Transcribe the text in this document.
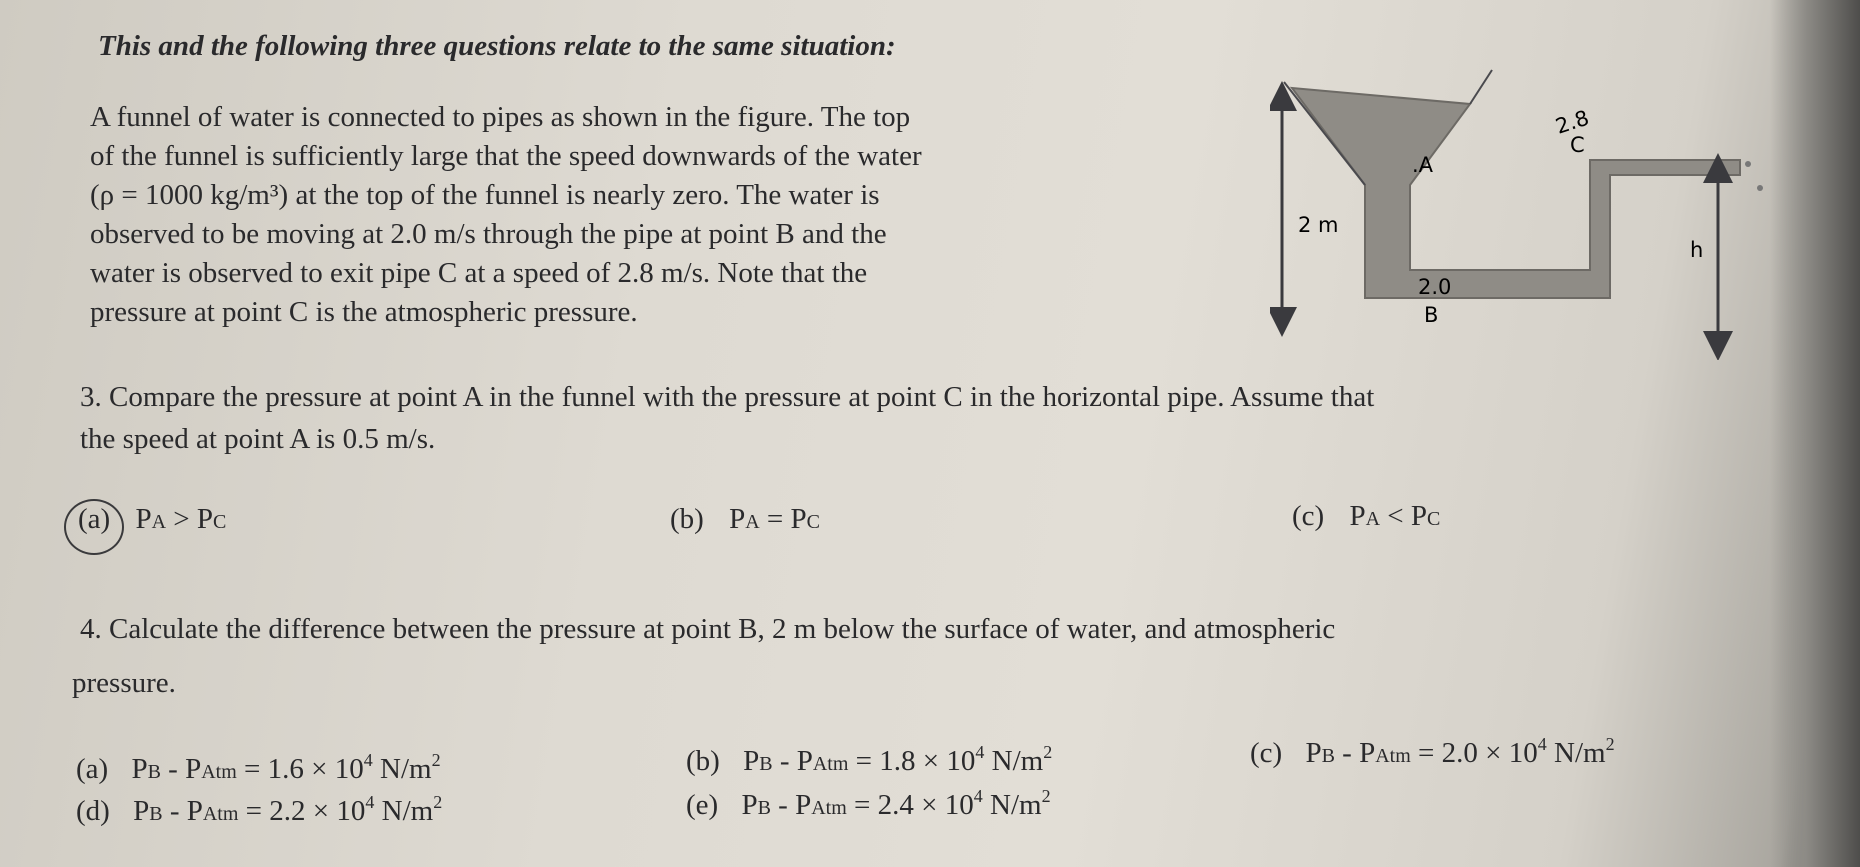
This and the following three questions relate to the same situation:
A funnel of water is connected to pipes as shown in the figure. The top
of the funnel is sufficiently large that the speed downwards of the water
(ρ = 1000 kg/m³) at the top of the funnel is nearly zero. The water is
observed to be moving at 2.0 m/s through the pipe at point B and the
water is observed to exit pipe C at a speed of 2.8 m/s. Note that the
pressure at point C is the atmospheric pressure.
2 m
h
.A
C
B
2.8
2.0
3. Compare the pressure at point A in the funnel with the pressure at point C in the horizontal pipe. Assume that
the speed at point A is 0.5 m/s.
(a) PA > PC	(b) PA = PC	(c) PA < PC
4. Calculate the difference between the pressure at point B, 2 m below the surface of water, and atmospheric
pressure.
(a) PB - PAtm = $1.6 \times 10^4$ $N/m^2$	(b) PB - PAtm = $1.8 \times 10^4$ $N/m^2$	(c) PB - PAtm = $2.0 \times 10^4$ $N/m^2$
(d) PB - PAtm = $2.2 \times 10^4$ $N/m^2$	(e) PB - PAtm = $2.4 \times 10^4$ $N/m^2$
